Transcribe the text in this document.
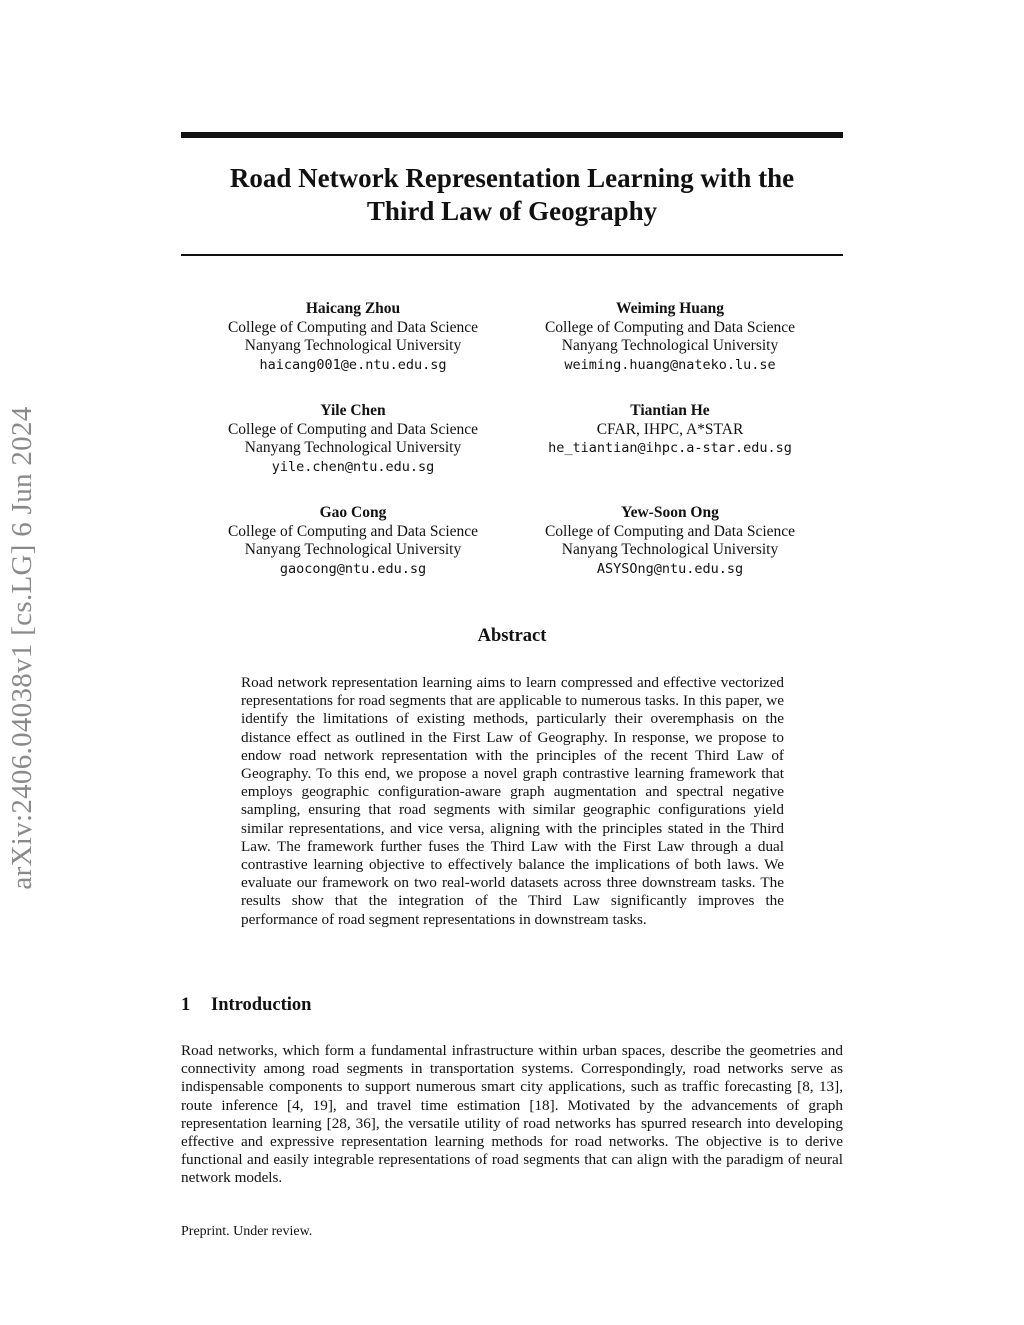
arXiv:2406.04038v1 [cs.LG] 6 Jun 2024
Road Network Representation Learning with the
Third Law of Geography
Haicang Zhou
College of Computing and Data Science
Nanyang Technological University
haicang001@e.ntu.edu.sg
Weiming Huang
College of Computing and Data Science
Nanyang Technological University
weiming.huang@nateko.lu.se
Yile Chen
College of Computing and Data Science
Nanyang Technological University
yile.chen@ntu.edu.sg
Tiantian He
CFAR, IHPC, A*STAR
he_tiantian@ihpc.a-star.edu.sg
Gao Cong
College of Computing and Data Science
Nanyang Technological University
gaocong@ntu.edu.sg
Yew-Soon Ong
College of Computing and Data Science
Nanyang Technological University
ASYSOng@ntu.edu.sg
Abstract
Road network representation learning aims to learn compressed and effective vectorized representations for road segments that are applicable to numerous tasks. In this paper, we identify the limitations of existing methods, particularly their overemphasis on the distance effect as outlined in the First Law of Geography. In response, we propose to endow road network representation with the principles of the recent Third Law of Geography. To this end, we propose a novel graph contrastive learning framework that employs geographic configuration-aware graph augmentation and spectral negative sampling, ensuring that road segments with similar geographic configurations yield similar representations, and vice versa, aligning with the principles stated in the Third Law. The framework further fuses the Third Law with the First Law through a dual contrastive learning objective to effectively balance the implications of both laws. We evaluate our framework on two real-world datasets across three downstream tasks. The results show that the integration of the Third Law significantly improves the performance of road segment representations in downstream tasks.
1 Introduction
Road networks, which form a fundamental infrastructure within urban spaces, describe the geometries and connectivity among road segments in transportation systems. Correspondingly, road networks serve as indispensable components to support numerous smart city applications, such as traffic forecasting [8, 13], route inference [4, 19], and travel time estimation [18]. Motivated by the advancements of graph representation learning [28, 36], the versatile utility of road networks has spurred research into developing effective and expressive representation learning methods for road networks. The objective is to derive functional and easily integrable representations of road segments that can align with the paradigm of neural network models.
Preprint. Under review.
